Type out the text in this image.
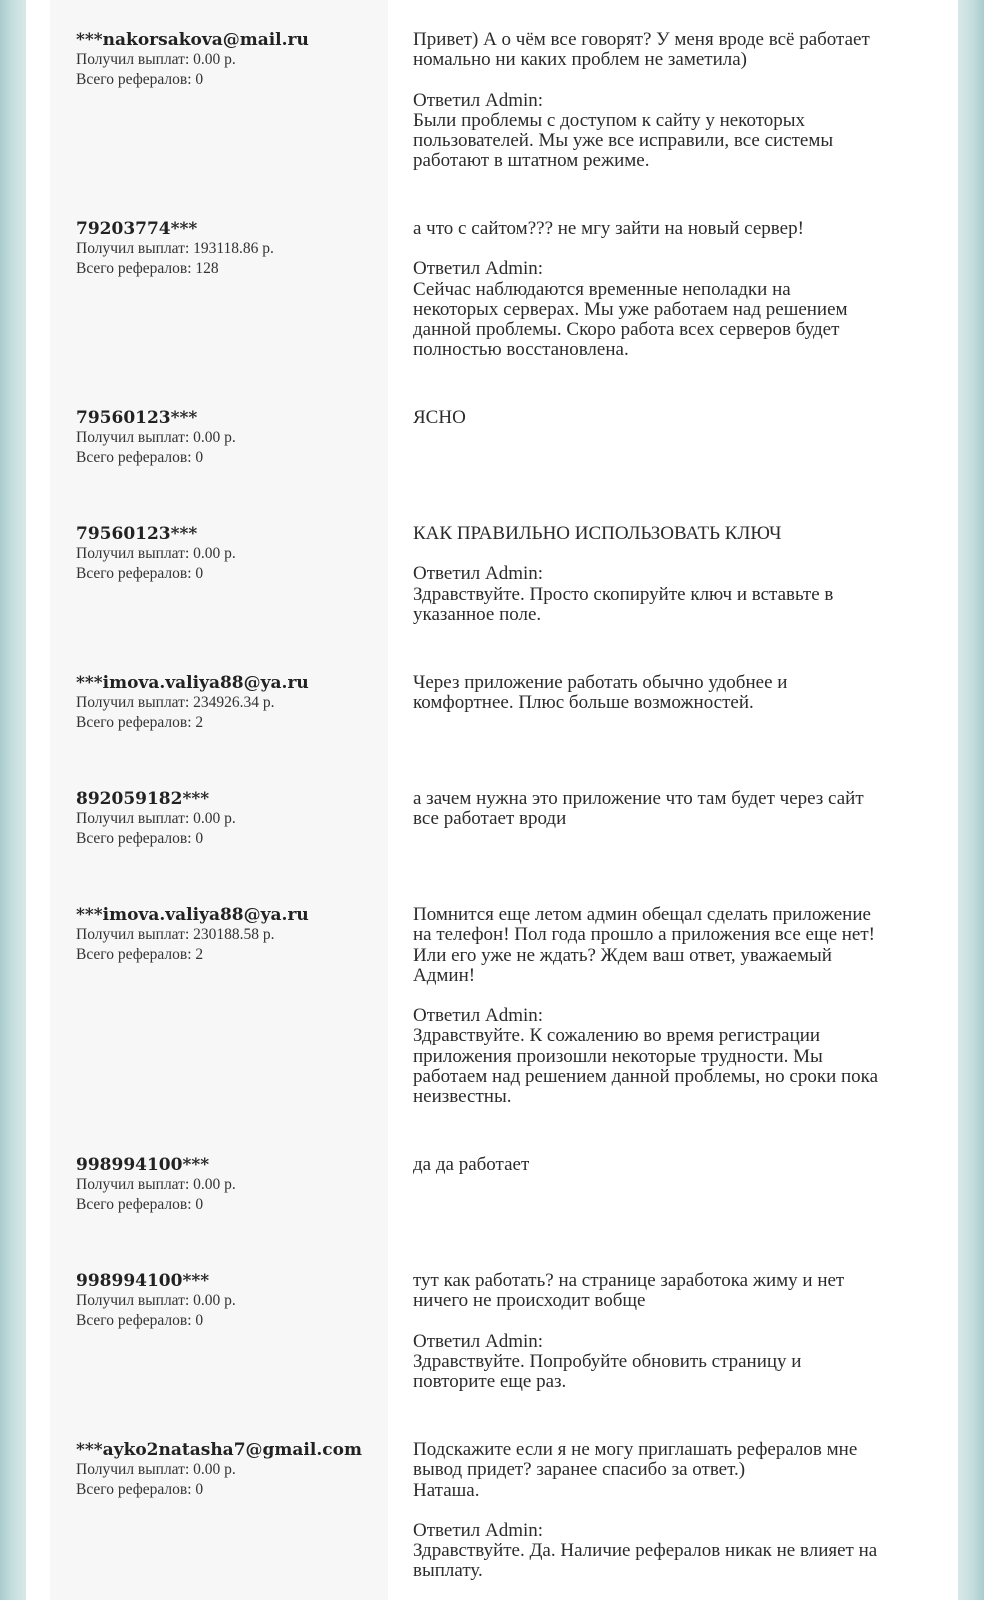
***nakorsakova@mail.ru
Получил выплат: 0.00 р.
Всего рефералов: 0

Привет) А о чём все говорят? У меня вроде всё работает
номально ни каких проблем не заметила)

Ответил Admin:

Были проблемы с доступом к сайту у некоторых
пользователей. Мы уже все исправили, все системы
работают в штатном режиме.

79203774***
Получил выплат: 193118.86 р.
Всего рефералов: 128

а что с сайтом??? не мгу зайти на новый сервер!

Ответил Admin:

Сейчас наблюдаются временные неполадки на
некоторых серверах. Мы уже работаем над решением
данной проблемы. Скоро работа всех серверов будет
полностью восстановлена.

79560123***
Получил выплат: 0.00 р.
Всего рефералов: 0

ЯСНО

79560123***
Получил выплат: 0.00 р.
Всего рефералов: 0

КАК ПРАВИЛЬНО ИСПОЛЬЗОВАТЬ КЛЮЧ

Ответил Admin:

Здравствуйте. Просто скопируйте ключ и вставьте в
указанное поле.

***imova.valiya88@ya.ru
Получил выплат: 234926.34 р.
Всего рефералов: 2

Через приложение работать обычно удобнее и
комфортнее. Плюс больше возможностей.

892059182***
Получил выплат: 0.00 р.
Всего рефералов: 0

а зачем нужна это приложение что там будет через сайт
все работает вроди

***imova.valiya88@ya.ru
Получил выплат: 230188.58 р.
Всего рефералов: 2

Помнится еще летом админ обещал сделать приложение
на телефон! Пол года прошло а приложения все еще нет!
Или его уже не ждать? Ждем ваш ответ, уважаемый
Админ!

Ответил Admin:

Здравствуйте. К сожалению во время регистрации
приложения произошли некоторые трудности. Мы
работаем над решением данной проблемы, но сроки пока
неизвестны.

998994100***
Получил выплат: 0.00 р.
Всего рефералов: 0

да да работает

998994100***
Получил выплат: 0.00 р.
Всего рефералов: 0

тут как работать? на странице заработока жиму и нет
ничего не происходит вобще

Ответил Admin:

Здравствуйте. Попробуйте обновить страницу и
повторите еще раз.

***ayko2natasha7@gmail.com
Получил выплат: 0.00 р.
Всего рефералов: 0

Подскажите если я не могу приглашать рефералов мне
вывод придет? заранее спасибо за ответ.)
Наташа.

Ответил Admin:

Здравствуйте. Да. Наличие рефералов никак не влияет на
выплату.
